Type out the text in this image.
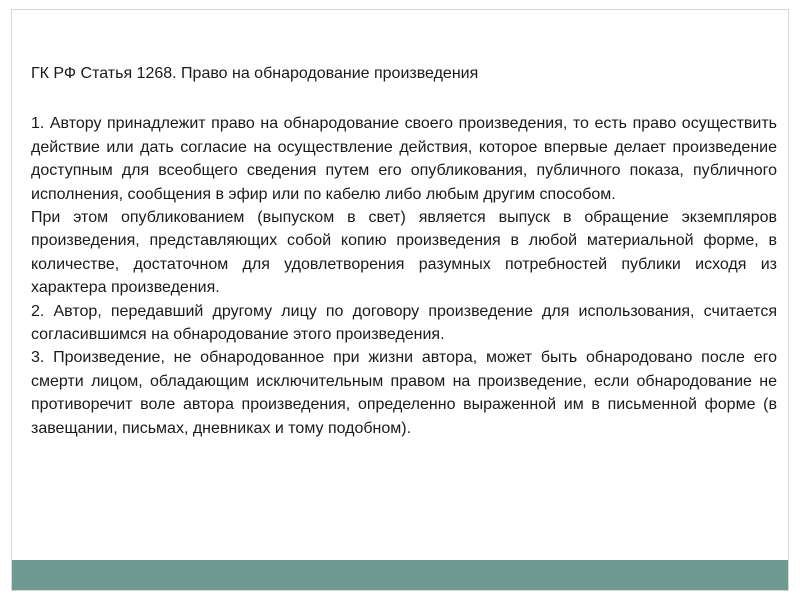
ГК РФ Статья 1268. Право на обнародование произведения

1. Автору принадлежит право на обнародование своего произведения, то есть право осуществить действие или дать согласие на осуществление действия, которое впервые делает произведение доступным для всеобщего сведения путем его опубликования, публичного показа, публичного исполнения, сообщения в эфир или по кабелю либо любым другим способом.

При этом опубликованием (выпуском в свет) является выпуск в обращение экземпляров произведения, представляющих собой копию произведения в любой материальной форме, в количестве, достаточном для удовлетворения разумных потребностей публики исходя из характера произведения.

2. Автор, передавший другому лицу по договору произведение для использования, считается согласившимся на обнародование этого произведения.

3. Произведение, не обнародованное при жизни автора, может быть обнародовано после его смерти лицом, обладающим исключительным правом на произведение, если обнародование не противоречит воле автора произведения, определенно выраженной им в письменной форме (в завещании, письмах, дневниках и тому подобном).
